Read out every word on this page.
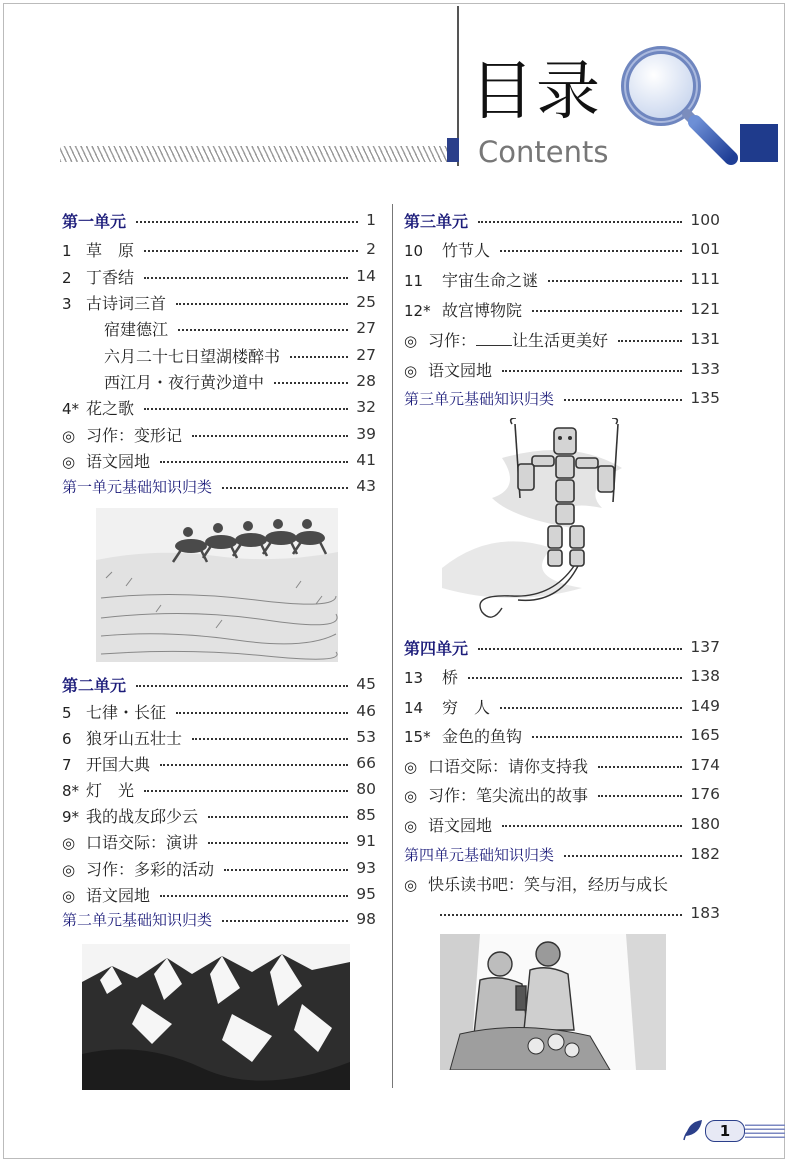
目录
Contents
第一单元	1
1 草　原	2
2 丁香结	14
3 古诗词三首	25
宿建德江	27
六月二十七日望湖楼醉书	27
西江月・夜行黄沙道中	28
4* 花之歌	32
◎ 习作：变形记	39
◎ 语文园地	41
第一单元基础知识归类	43
第二单元	45
5 七律・长征	46
6 狼牙山五壮士	53
7 开国大典	66
8* 灯　光	80
9* 我的战友邱少云	85
◎ 口语交际：演讲	91
◎ 习作：多彩的活动	93
◎ 语文园地	95
第二单元基础知识归类	98
第三单元	100
10 竹节人	101
11 宇宙生命之谜	111
12* 故宫博物院	121
◎ 习作： 让生活更美好	131
◎ 语文园地	133
第三单元基础知识归类	135
第四单元	137
13 桥	138
14 穷　人	149
15* 金色的鱼钩	165
◎ 口语交际：请你支持我	174
◎ 习作：笔尖流出的故事	176
◎ 语文园地	180
第四单元基础知识归类	182
◎ 快乐读书吧：笑与泪，经历与成长
183
1
